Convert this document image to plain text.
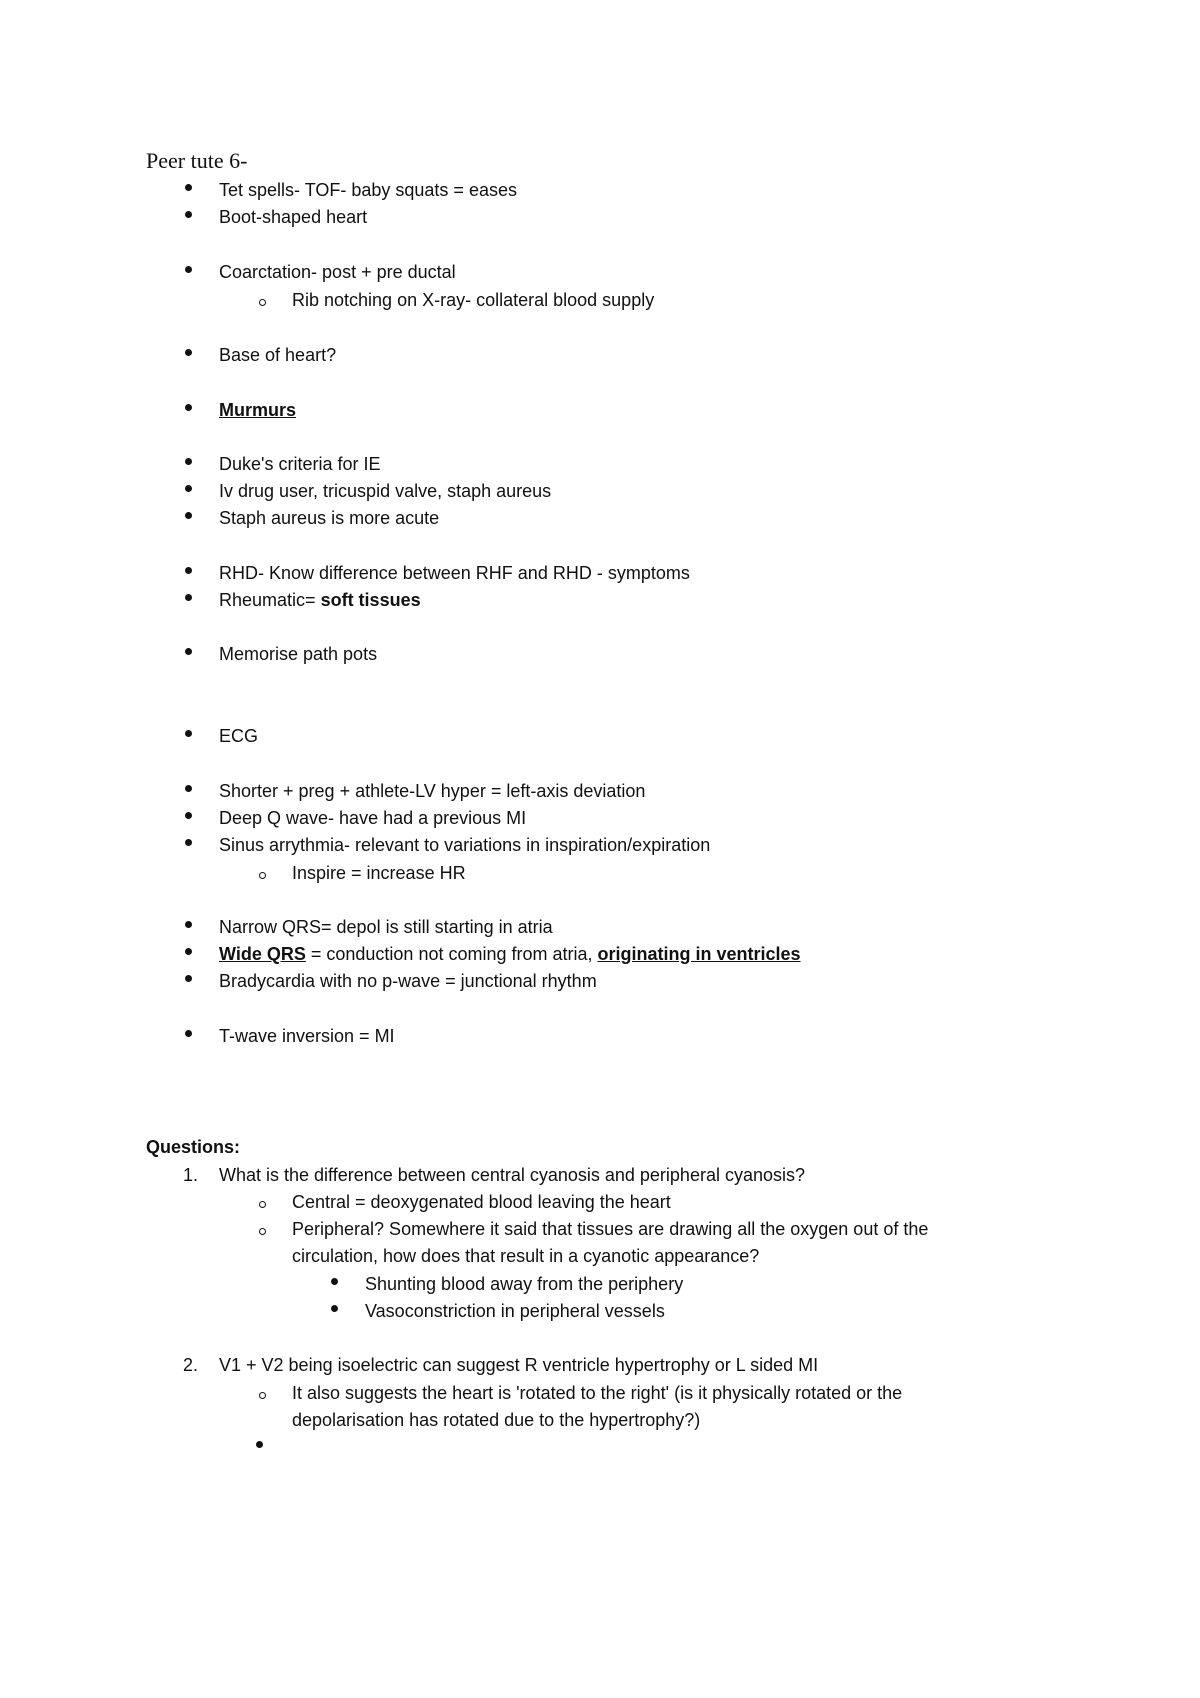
Peer tute 6-
Tet spells- TOF- baby squats = eases
Boot-shaped heart
Coarctation- post + pre ductal
Rib notching on X-ray- collateral blood supply
Base of heart?
Murmurs
Duke's criteria for IE
Iv drug user, tricuspid valve, staph aureus
Staph aureus is more acute
RHD- Know difference between RHF and RHD - symptoms
Rheumatic= soft tissues
Memorise path pots
ECG
Shorter + preg + athlete-LV hyper = left-axis deviation
Deep Q wave- have had a previous MI
Sinus arrythmia- relevant to variations in inspiration/expiration
Inspire = increase HR
Narrow QRS= depol is still starting in atria
Wide QRS = conduction not coming from atria, originating in ventricles
Bradycardia with no p-wave = junctional rhythm
T-wave inversion = MI
Questions:
1. What is the difference between central cyanosis and peripheral cyanosis?
Central = deoxygenated blood leaving the heart
Peripheral? Somewhere it said that tissues are drawing all the oxygen out of the
circulation, how does that result in a cyanotic appearance?
Shunting blood away from the periphery
Vasoconstriction in peripheral vessels
2. V1 + V2 being isoelectric can suggest R ventricle hypertrophy or L sided MI
It also suggests the heart is 'rotated to the right' (is it physically rotated or the
depolarisation has rotated due to the hypertrophy?)
